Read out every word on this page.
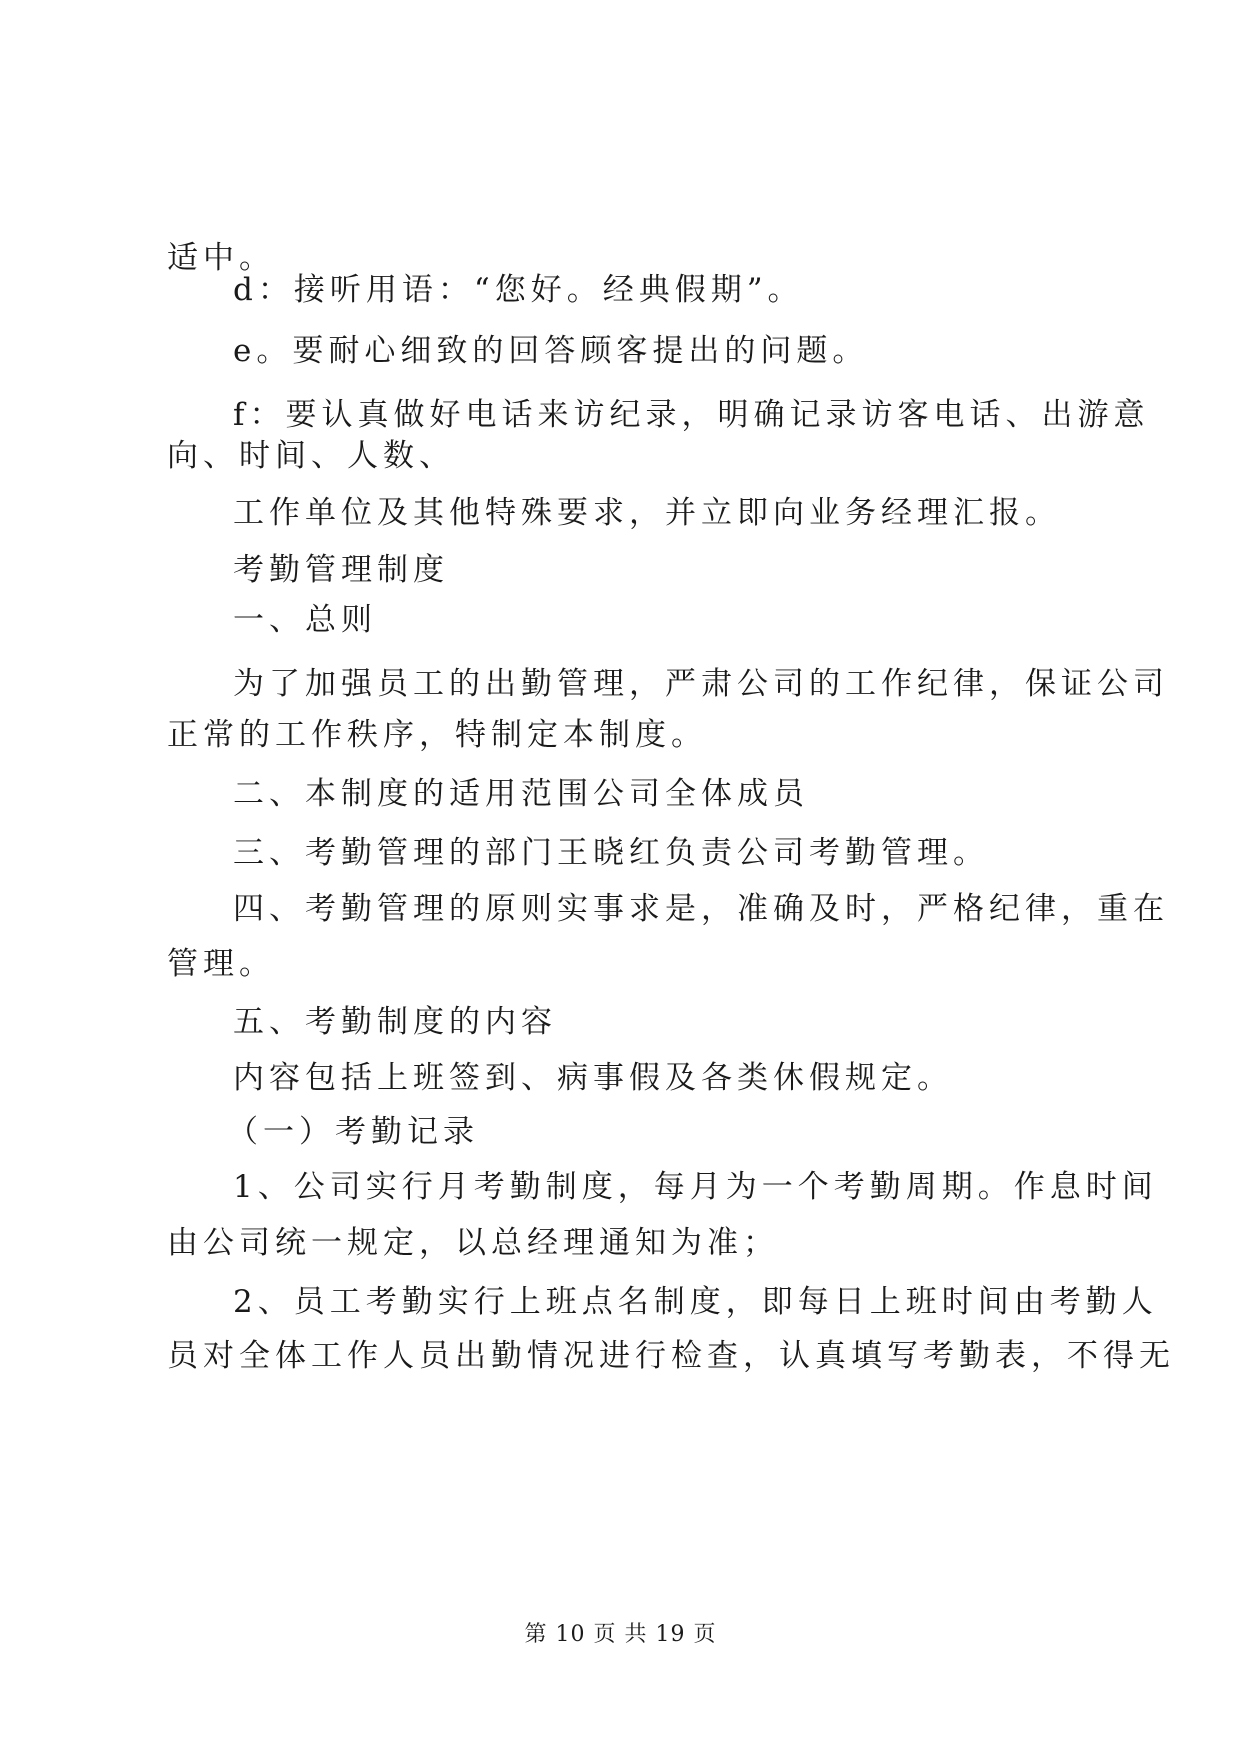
适中。
d：接听用语：“您好。经典假期”。
e。要耐心细致的回答顾客提出的问题。
f：要认真做好电话来访纪录，明确记录访客电话、出游意
向、时间、人数、
工作单位及其他特殊要求，并立即向业务经理汇报。
考勤管理制度
一、总则
为了加强员工的出勤管理，严肃公司的工作纪律，保证公司
正常的工作秩序，特制定本制度。
二、本制度的适用范围公司全体成员
三、考勤管理的部门王晓红负责公司考勤管理。
四、考勤管理的原则实事求是，准确及时，严格纪律，重在
管理。
五、考勤制度的内容
内容包括上班签到、病事假及各类休假规定。
（一）考勤记录
1、公司实行月考勤制度，每月为一个考勤周期。作息时间
由公司统一规定，以总经理通知为准；
2、员工考勤实行上班点名制度，即每日上班时间由考勤人
员对全体工作人员出勤情况进行检查，认真填写考勤表，不得无
第 10 页 共 19 页
